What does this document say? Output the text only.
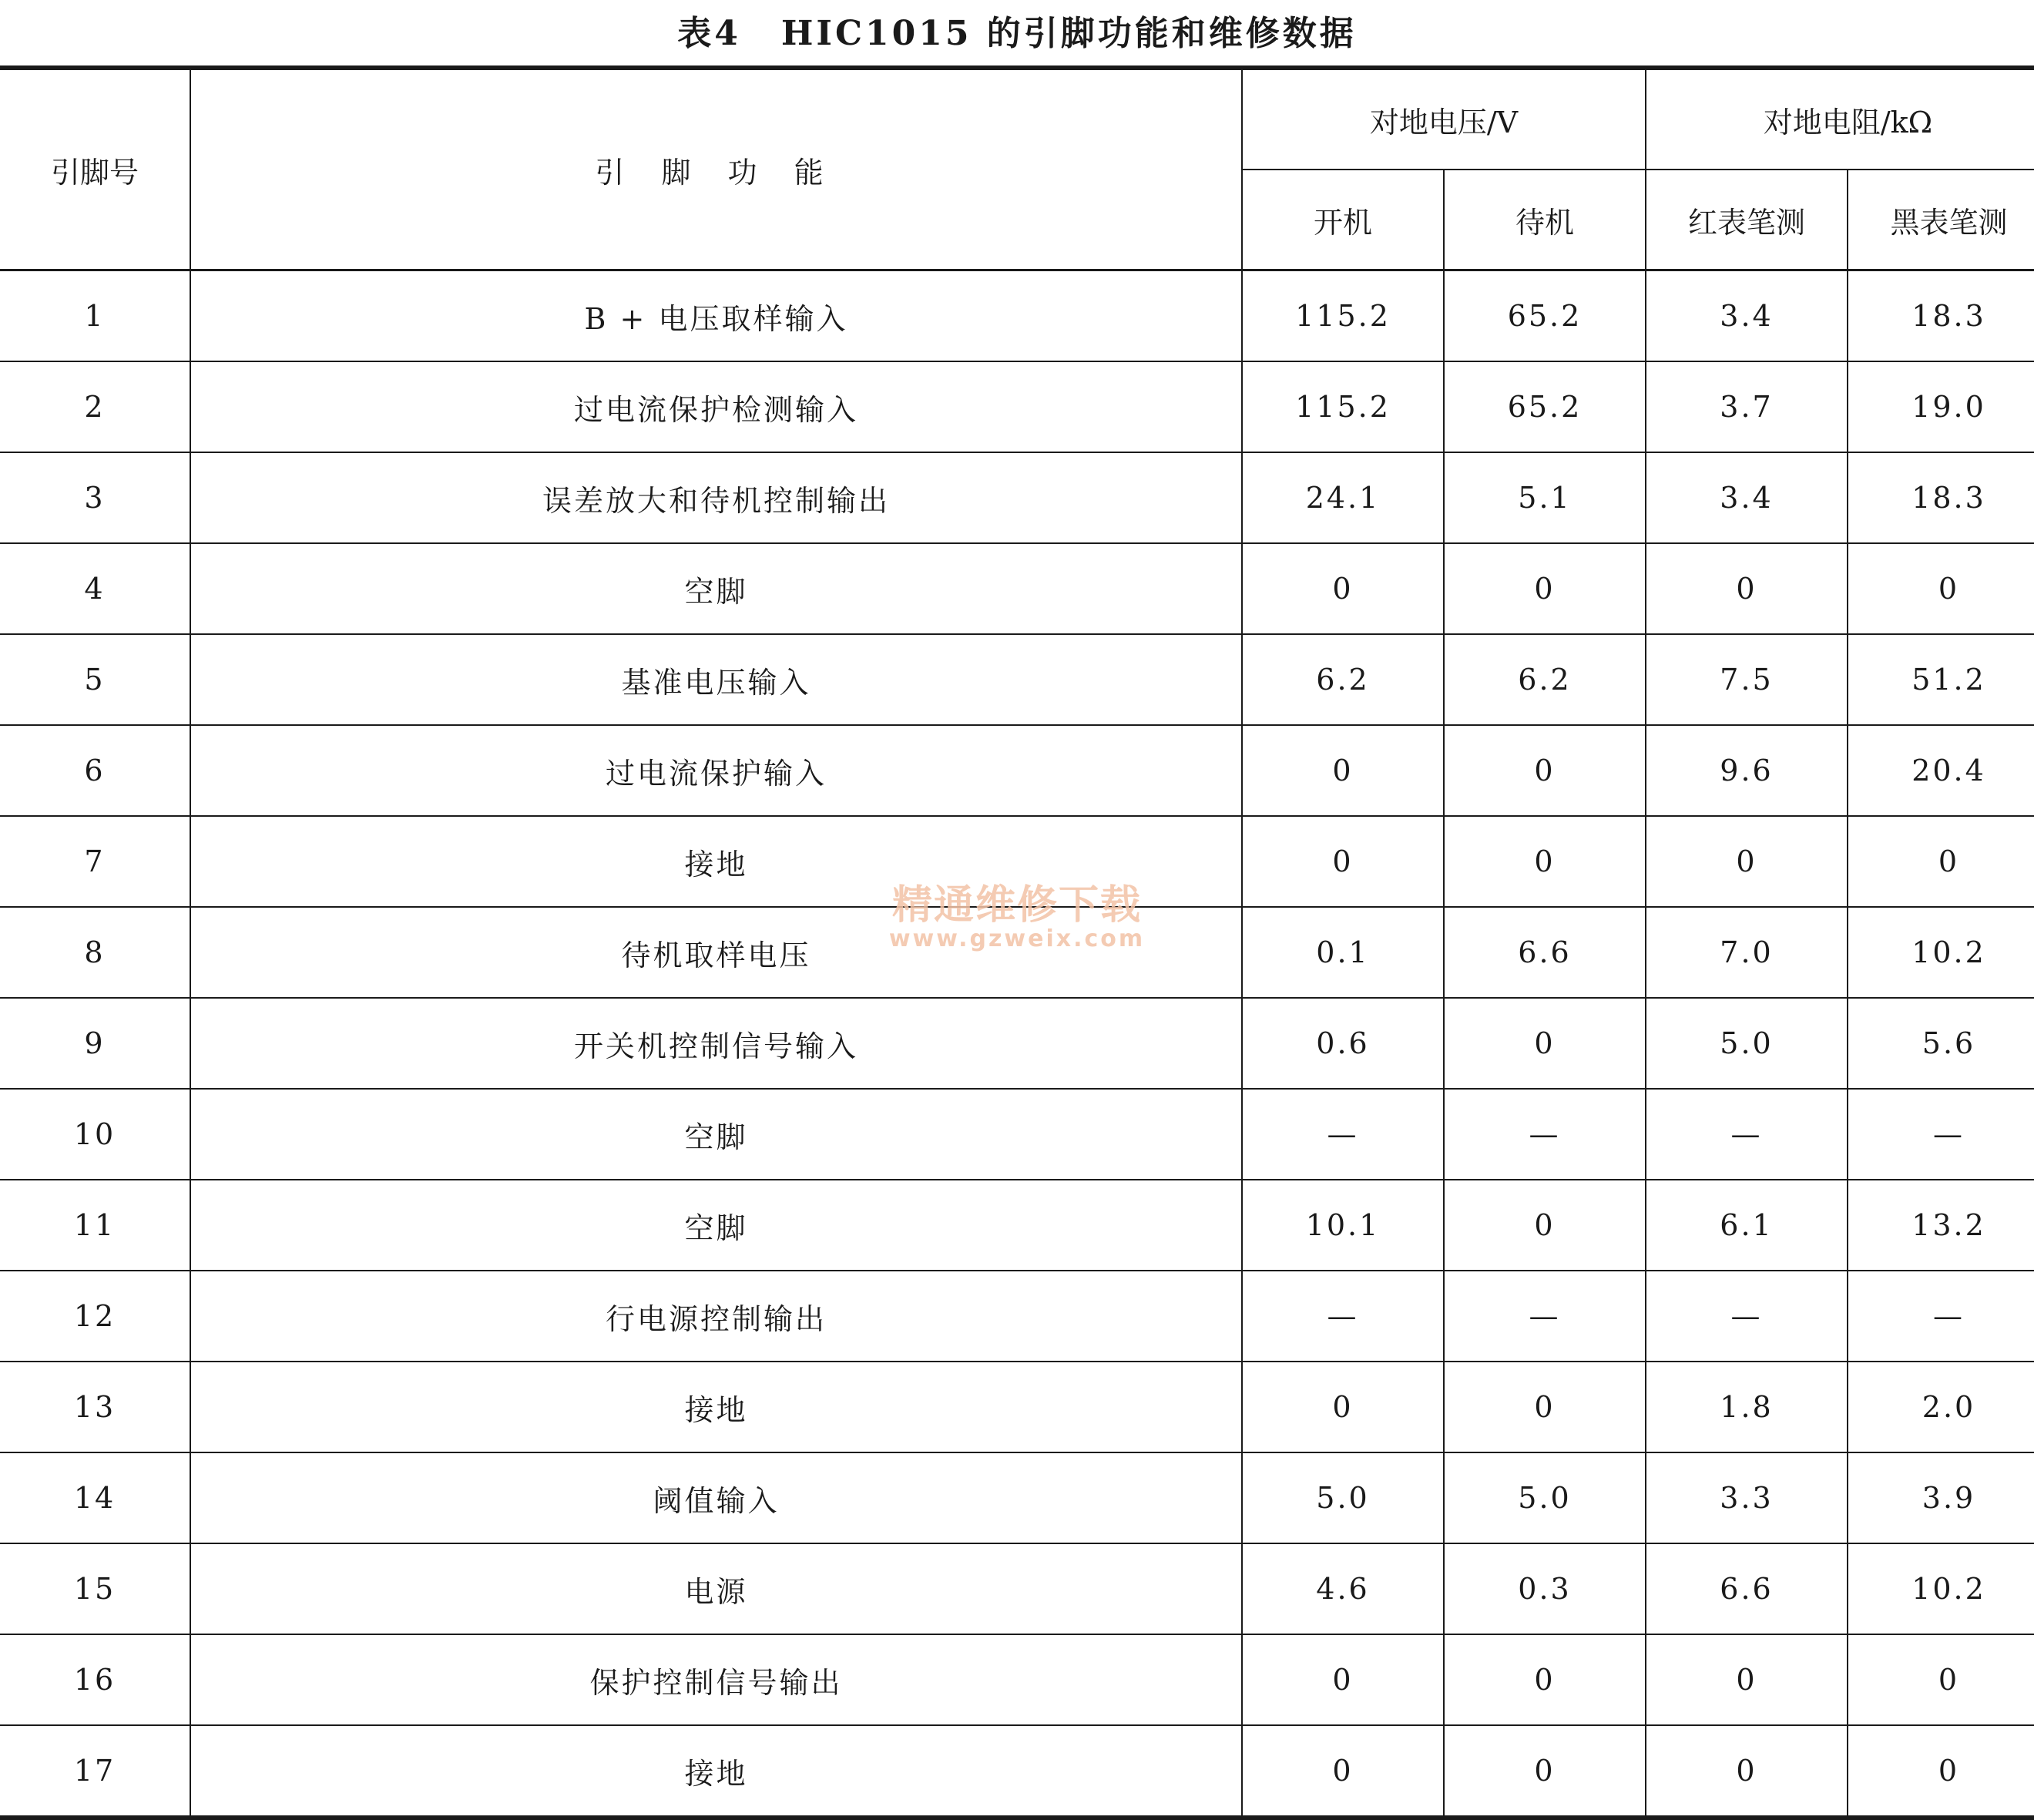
表4 HIC1015 的引脚功能和维修数据
引脚号	引 脚 功 能	对地电压/V		对地电阻/kΩ	
		开机	待机	红表笔测	黑表笔测
1	B + 电压取样输入	115.2	65.2	3.4	18.3
2	过电流保护检测输入	115.2	65.2	3.7	19.0
3	误差放大和待机控制输出	24.1	5.1	3.4	18.3
4	空脚	0	0	0	0
5	基准电压输入	6.2	6.2	7.5	51.2
6	过电流保护输入	0	0	9.6	20.4
7	接地	0	0	0	0
8	待机取样电压	0.1	6.6	7.0	10.2
9	开关机控制信号输入	0.6	0	5.0	5.6
10	空脚	—	—	—	—
11	空脚	10.1	0	6.1	13.2
12	行电源控制输出	—	—	—	—
13	接地	0	0	1.8	2.0
14	阈值输入	5.0	5.0	3.3	3.9
15	电源	4.6	0.3	6.6	10.2
16	保护控制信号输出	0	0	0	0
17	接地	0	0	0	0
精通维修下载
www.gzweix.com
